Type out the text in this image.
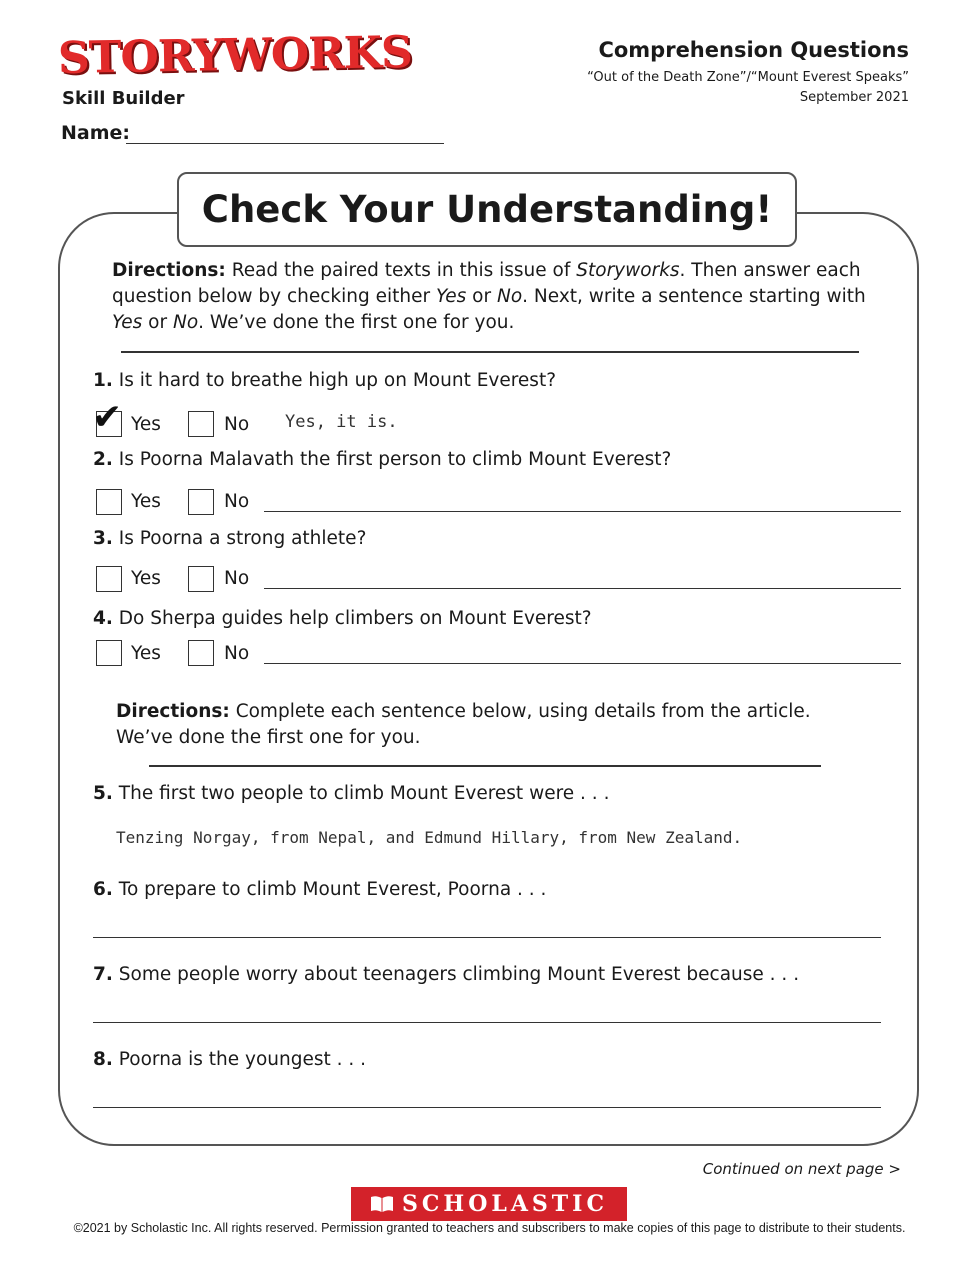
STORYWORKS
Skill Builder
Name:
Comprehension Questions
“Out of the Death Zone”/“Mount Everest Speaks”
September 2021
Check Your Understanding!
Directions: Read the paired texts in this issue of Storyworks. Then answer each question below by checking either Yes or No. Next, write a sentence starting with Yes or No. We’ve done the first one for you.
1. Is it hard to breathe high up on Mount Everest?
✔ Yes	No Yes, it is.
2. Is Poorna Malavath the first person to climb Mount Everest?
Yes	No
3. Is Poorna a strong athlete?
Yes	No
4. Do Sherpa guides help climbers on Mount Everest?
Yes	No
Directions: Complete each sentence below, using details from the article. We’ve done the first one for you.
5. The first two people to climb Mount Everest were . . .
Tenzing Norgay, from Nepal, and Edmund Hillary, from New Zealand.
6. To prepare to climb Mount Everest, Poorna . . .
7. Some people worry about teenagers climbing Mount Everest because . . .
8. Poorna is the youngest . . .
Continued on next page >
SCHOLASTIC
©2021 by Scholastic Inc. All rights reserved. Permission granted to teachers and subscribers to make copies of this page to distribute to their students.
